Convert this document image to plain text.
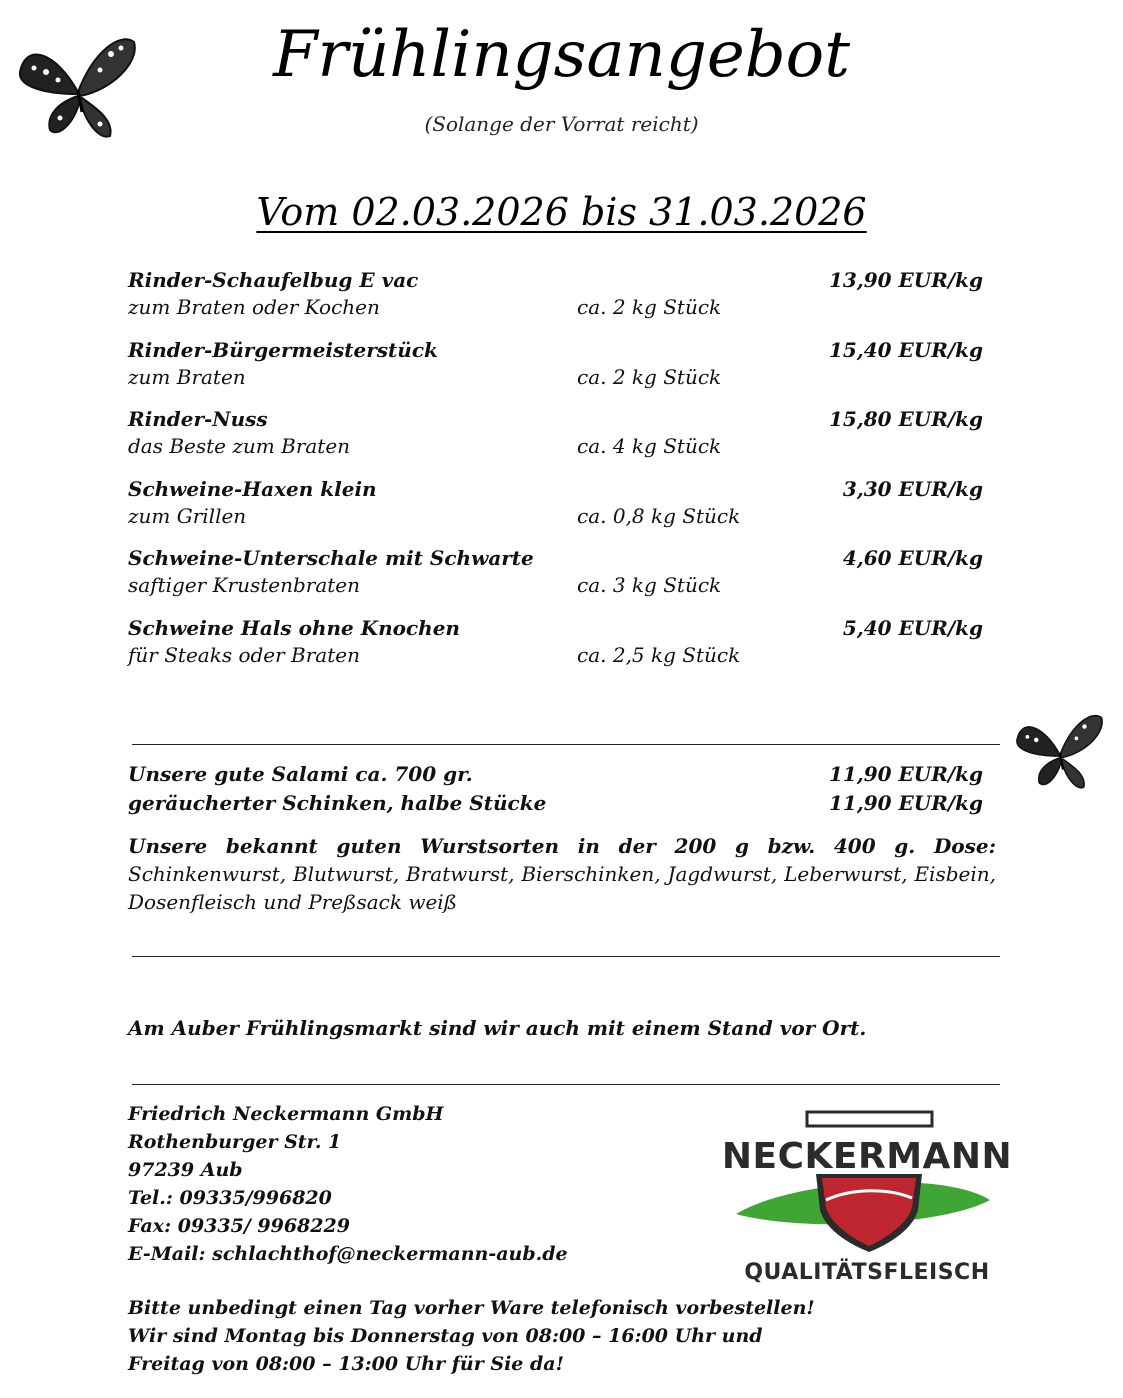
Frühlingsangebot
(Solange der Vorrat reicht)
Vom 02.03.2026 bis 31.03.2026
Rinder-Schaufelbug E vac	13,90 EUR/kg
zum Braten oder Kochen	ca. 2 kg Stück
Rinder-Bürgermeisterstück	15,40 EUR/kg
zum Braten	ca. 2 kg Stück
Rinder-Nuss	15,80 EUR/kg
das Beste zum Braten	ca. 4 kg Stück
Schweine-Haxen klein	3,30 EUR/kg
zum Grillen	ca. 0,8 kg Stück
Schweine-Unterschale mit Schwarte	4,60 EUR/kg
saftiger Krustenbraten	ca. 3 kg Stück
Schweine Hals ohne Knochen	5,40 EUR/kg
für Steaks oder Braten	ca. 2,5 kg Stück
Unsere gute Salami ca. 700 gr.	11,90 EUR/kg
geräucherter Schinken, halbe Stücke	11,90 EUR/kg
Unsere bekannt guten Wurstsorten in der 200 g bzw. 400 g. Dose: Schinkenwurst, Blutwurst, Bratwurst, Bierschinken, Jagdwurst, Leberwurst, Eisbein, Dosenfleisch und Preßsack weiß
Am Auber Frühlingsmarkt sind wir auch mit einem Stand vor Ort.
Friedrich Neckermann GmbH
Rothenburger Str. 1
97239 Aub
Tel.: 09335/996820
Fax: 09335/ 9968229
E-Mail: schlachthof@neckermann-aub.de
NECKERMANN
QUALITÄTSFLEISCH
Bitte unbedingt einen Tag vorher Ware telefonisch vorbestellen!
Wir sind Montag bis Donnerstag von 08:00 – 16:00 Uhr und
Freitag von 08:00 – 13:00 Uhr für Sie da!
